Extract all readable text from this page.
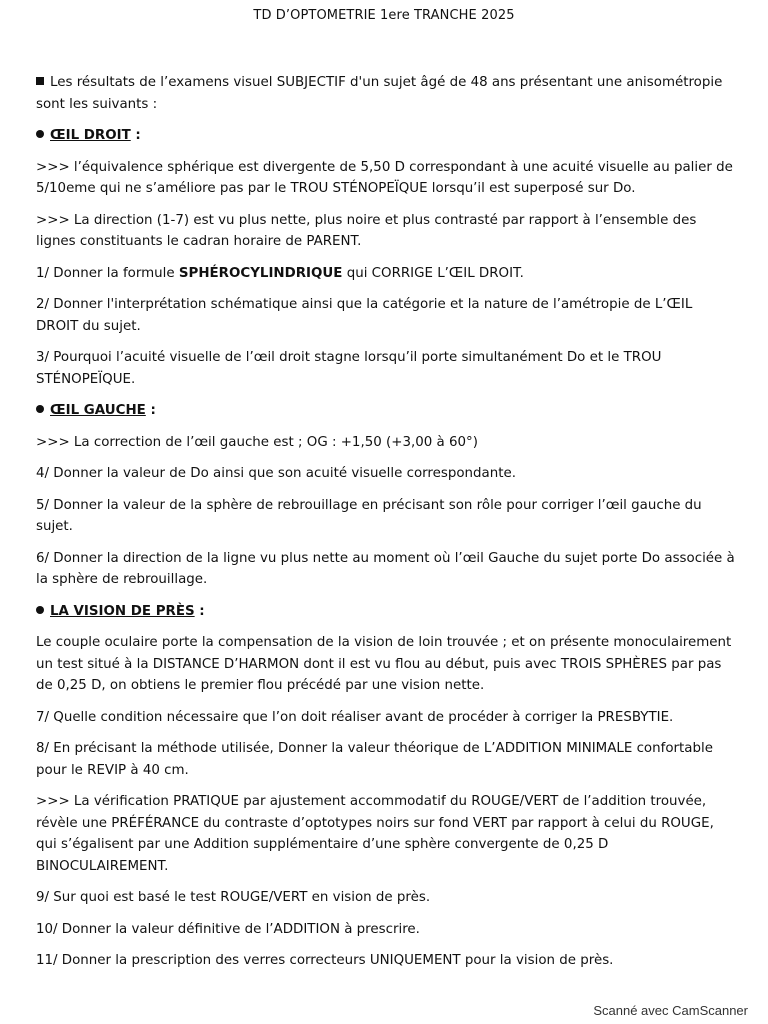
TD D’OPTOMETRIE 1ere TRANCHE 2025

Les résultats de l’examens visuel SUBJECTIF d'un sujet âgé de 48 ans présentant une anisométropie sont les suivants :

ŒIL DROIT :

>>> l’équivalence sphérique est divergente de 5,50 D correspondant à une acuité visuelle au palier de 5/10eme qui ne s’améliore pas par le TROU STÉNOPEÏQUE lorsqu’il est superposé sur Do.

>>> La direction (1-7) est vu plus nette, plus noire et plus contrasté par rapport à l’ensemble des lignes constituants le cadran horaire de PARENT.

1/ Donner la formule SPHÉROCYLINDRIQUE qui CORRIGE L’ŒIL DROIT.

2/ Donner l'interprétation schématique ainsi que la catégorie et la nature de l’amétropie de L’ŒIL DROIT du sujet.

3/ Pourquoi l’acuité visuelle de l’œil droit stagne lorsqu’il porte simultanément Do et le TROU STÉNOPEÏQUE.

ŒIL GAUCHE :

>>> La correction de l’œil gauche est ; OG : +1,50 (+3,00 à 60°)

4/ Donner la valeur de Do ainsi que son acuité visuelle correspondante.

5/ Donner la valeur de la sphère de rebrouillage en précisant son rôle pour corriger l’œil gauche du sujet.

6/ Donner la direction de la ligne vu plus nette au moment où l’œil Gauche du sujet porte Do associée à la sphère de rebrouillage.

LA VISION DE PRÈS :

Le couple oculaire porte la compensation de la vision de loin trouvée ; et on présente monoculairement un test situé à la DISTANCE D’HARMON dont il est vu flou au début, puis avec TROIS SPHÈRES par pas de 0,25 D, on obtiens le premier flou précédé par une vision nette.

7/ Quelle condition nécessaire que l’on doit réaliser avant de procéder à corriger la PRESBYTIE.

8/ En précisant la méthode utilisée, Donner la valeur théorique de L’ADDITION MINIMALE confortable pour le REVIP à 40 cm.

>>> La vérification PRATIQUE par ajustement accommodatif du ROUGE/VERT de l’addition trouvée, révèle une PRÉFÉRANCE du contraste d’optotypes noirs sur fond VERT par rapport à celui du ROUGE, qui s’égalisent par une Addition supplémentaire d’une sphère convergente de 0,25 D BINOCULAIREMENT.

9/ Sur quoi est basé le test ROUGE/VERT en vision de près.

10/ Donner la valeur définitive de l’ADDITION à prescrire.

11/ Donner la prescription des verres correcteurs UNIQUEMENT pour la vision de près.

Scanné avec CamScanner
